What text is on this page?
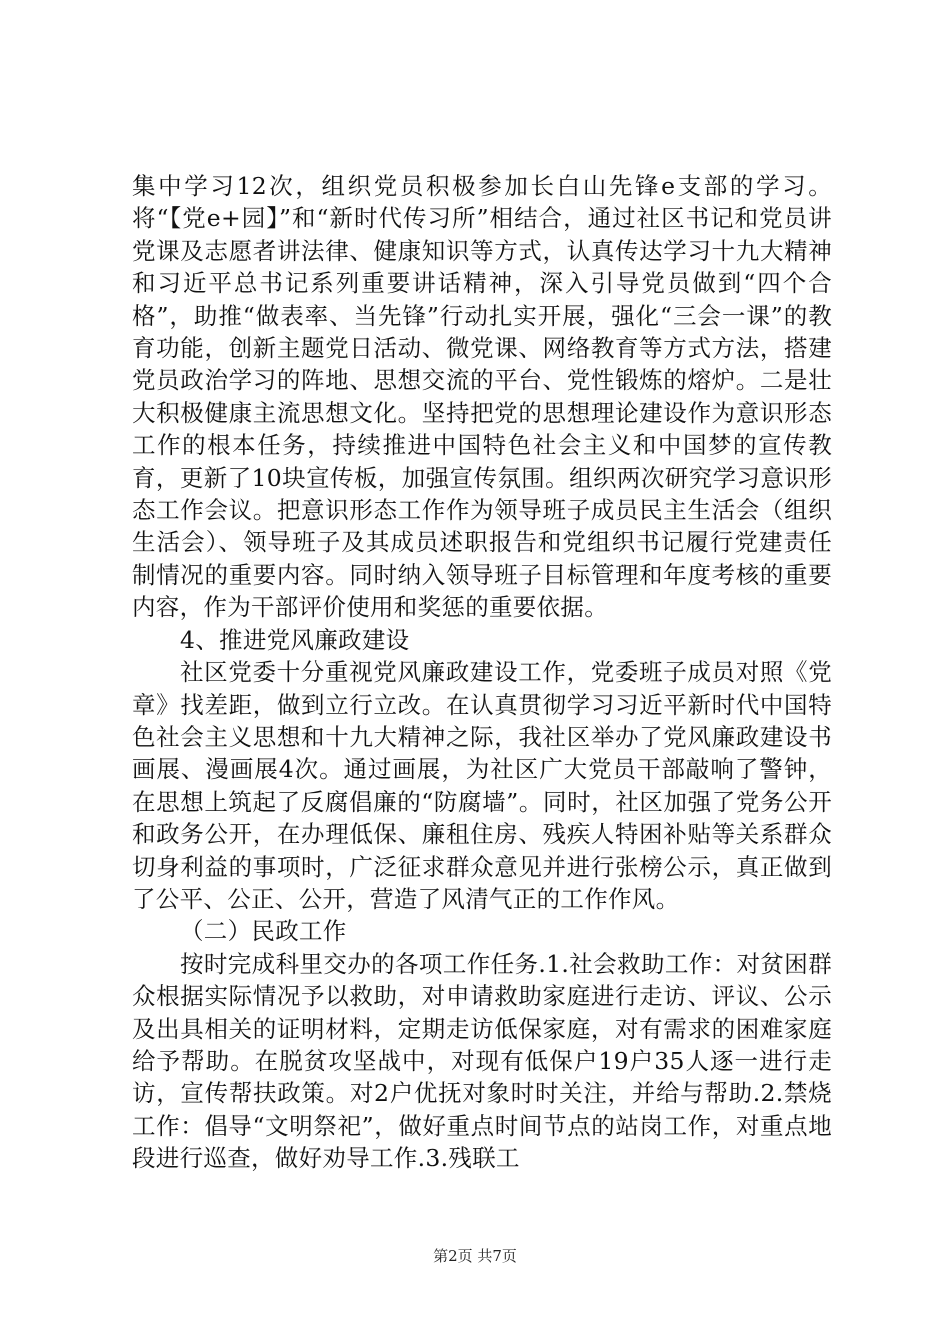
集中学习12次，组织党员积极参加长白山先锋e支部的学习。将“【党e+园】”和“新时代传习所”相结合，通过社区书记和党员讲党课及志愿者讲法律、健康知识等方式，认真传达学习十九大精神和习近平总书记系列重要讲话精神，深入引导党员做到“四个合格”，助推“做表率、当先锋”行动扎实开展，强化“三会一课”的教育功能，创新主题党日活动、微党课、网络教育等方式方法，搭建党员政治学习的阵地、思想交流的平台、党性锻炼的熔炉。二是壮大积极健康主流思想文化。坚持把党的思想理论建设作为意识形态工作的根本任务，持续推进中国特色社会主义和中国梦的宣传教育，更新了10块宣传板，加强宣传氛围。组织两次研究学习意识形态工作会议。把意识形态工作作为领导班子成员民主生活会（组织生活会）、领导班子及其成员述职报告和党组织书记履行党建责任制情况的重要内容。同时纳入领导班子目标管理和年度考核的重要内容，作为干部评价使用和奖惩的重要依据。

4、推进党风廉政建设

社区党委十分重视党风廉政建设工作，党委班子成员对照《党章》找差距，做到立行立改。在认真贯彻学习习近平新时代中国特色社会主义思想和十九大精神之际，我社区举办了党风廉政建设书画展、漫画展4次。通过画展，为社区广大党员干部敲响了警钟，在思想上筑起了反腐倡廉的“防腐墙”。同时，社区加强了党务公开和政务公开，在办理低保、廉租住房、残疾人特困补贴等关系群众切身利益的事项时，广泛征求群众意见并进行张榜公示，真正做到了公平、公正、公开，营造了风清气正的工作作风。

（二）民政工作

按时完成科里交办的各项工作任务.1.社会救助工作：对贫困群众根据实际情况予以救助，对申请救助家庭进行走访、评议、公示及出具相关的证明材料，定期走访低保家庭，对有需求的困难家庭给予帮助。在脱贫攻坚战中，对现有低保户19户35人逐一进行走访，宣传帮扶政策。对2户优抚对象时时关注，并给与帮助.2.禁烧工作：倡导“文明祭祀”，做好重点时间节点的站岗工作，对重点地段进行巡查，做好劝导工作.3.残联工

第2页 共7页
